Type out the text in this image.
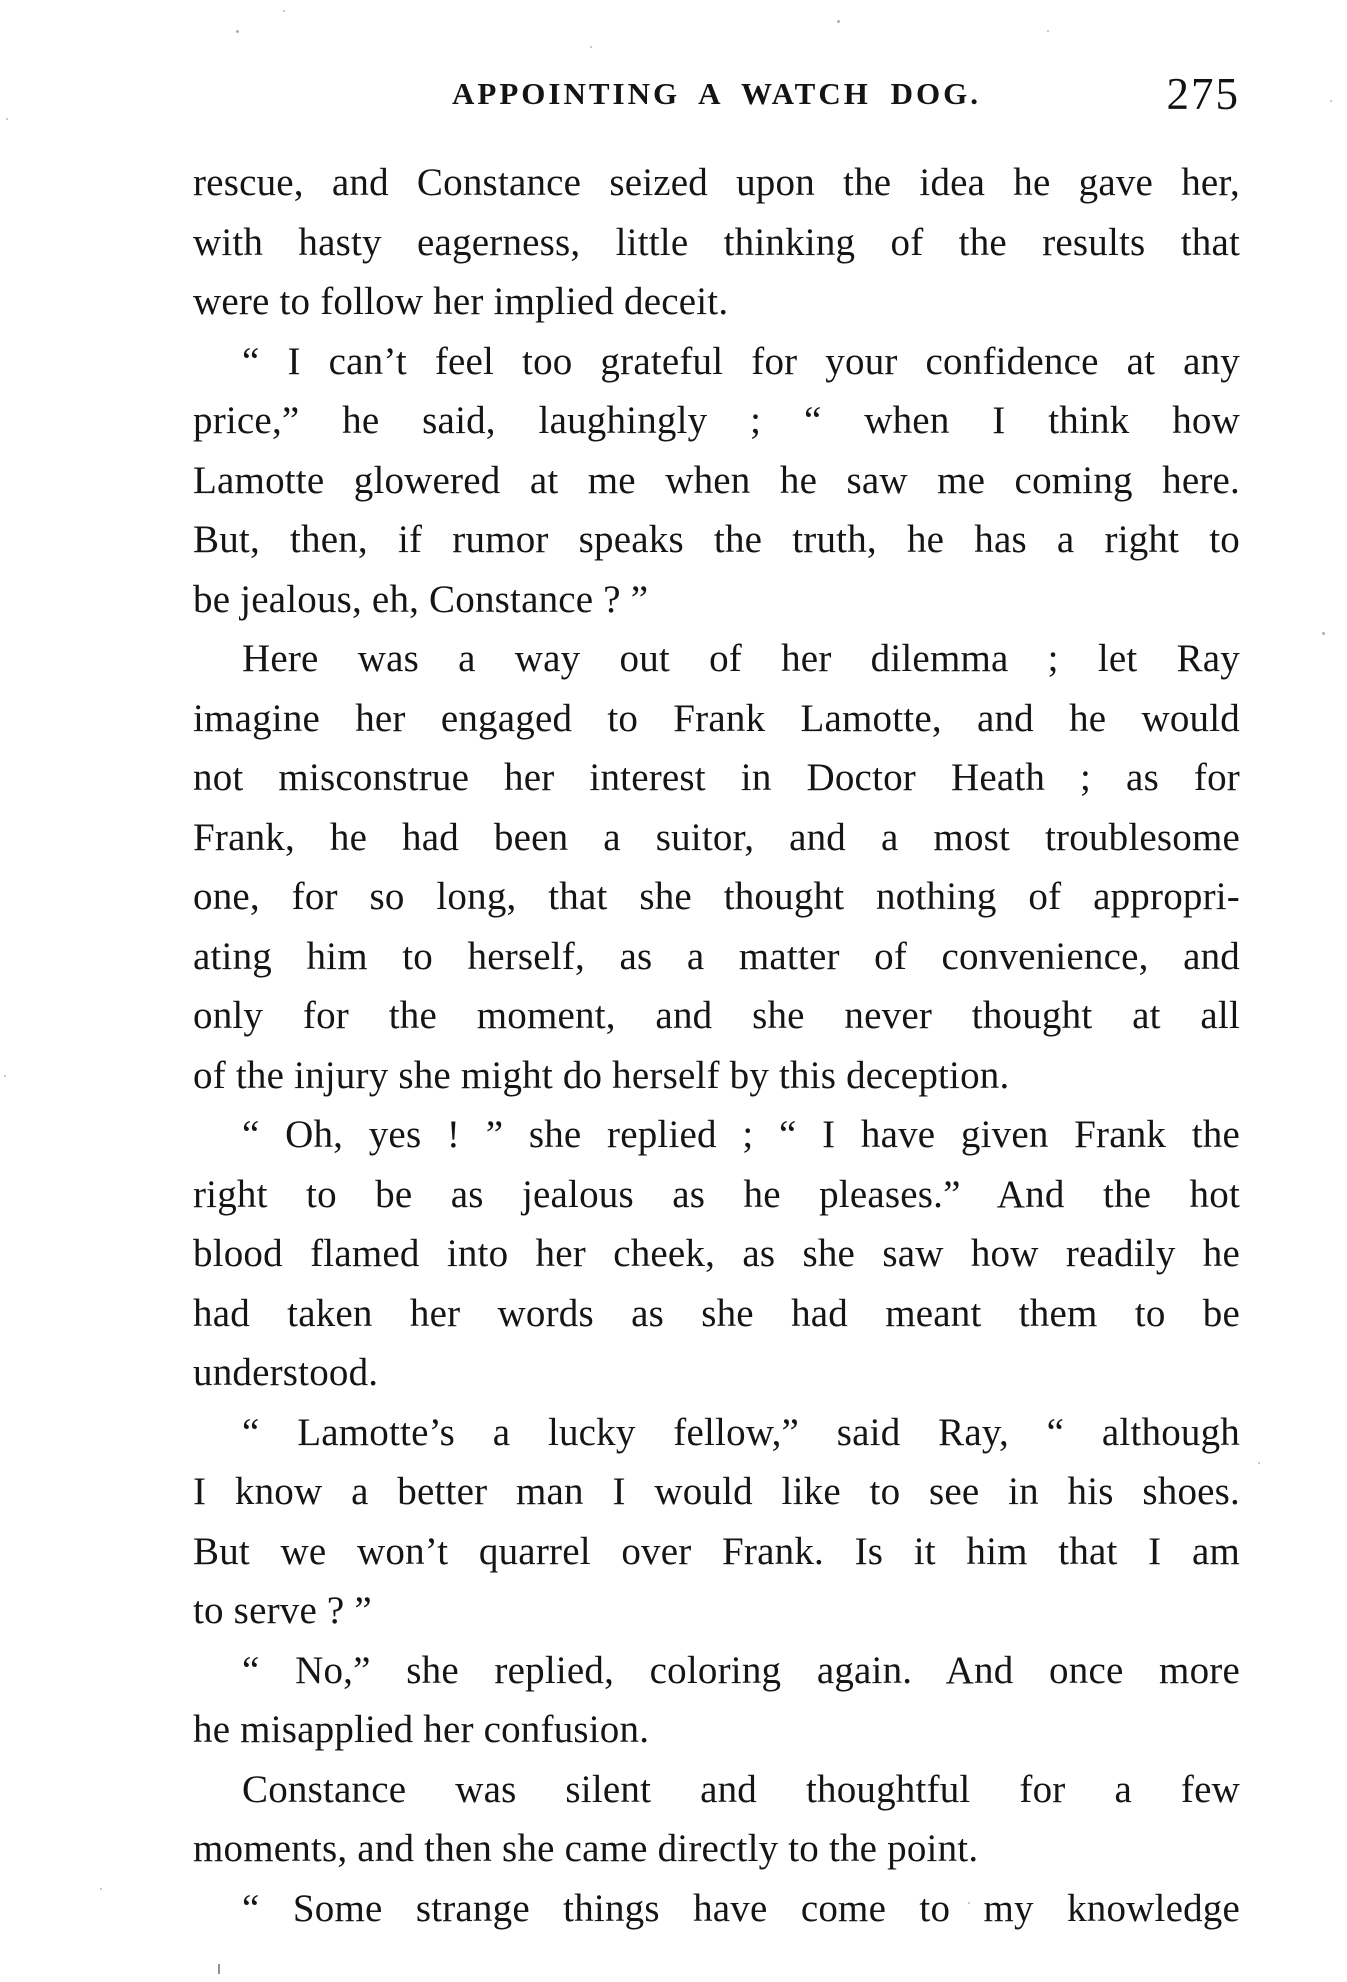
APPOINTING A WATCH DOG.	275
rescue, and Constance seized upon the idea he gave her,
with hasty eagerness, little thinking of the results that
were to follow her implied deceit.
“ I can’t feel too grateful for your confidence at any
price,” he said, laughingly ; “ when I think how
Lamotte glowered at me when he saw me coming here.
But, then, if rumor speaks the truth, he has a right to
be jealous, eh, Constance ? ”
Here was a way out of her dilemma ; let Ray
imagine her engaged to Frank Lamotte, and he would
not misconstrue her interest in Doctor Heath ; as for
Frank, he had been a suitor, and a most troublesome
one, for so long, that she thought nothing of appropri-
ating him to herself, as a matter of convenience, and
only for the moment, and she never thought at all
of the injury she might do herself by this deception.
“ Oh, yes ! ” she replied ; “ I have given Frank the
right to be as jealous as he pleases.” And the hot
blood flamed into her cheek, as she saw how readily he
had taken her words as she had meant them to be
understood.
“ Lamotte’s a lucky fellow,” said Ray, “ although
I know a better man I would like to see in his shoes.
But we won’t quarrel over Frank. Is it him that I am
to serve ? ”
“ No,” she replied, coloring again. And once more
he misapplied her confusion.
Constance was silent and thoughtful for a few
moments, and then she came directly to the point.
“ Some strange things have come to my knowledge
